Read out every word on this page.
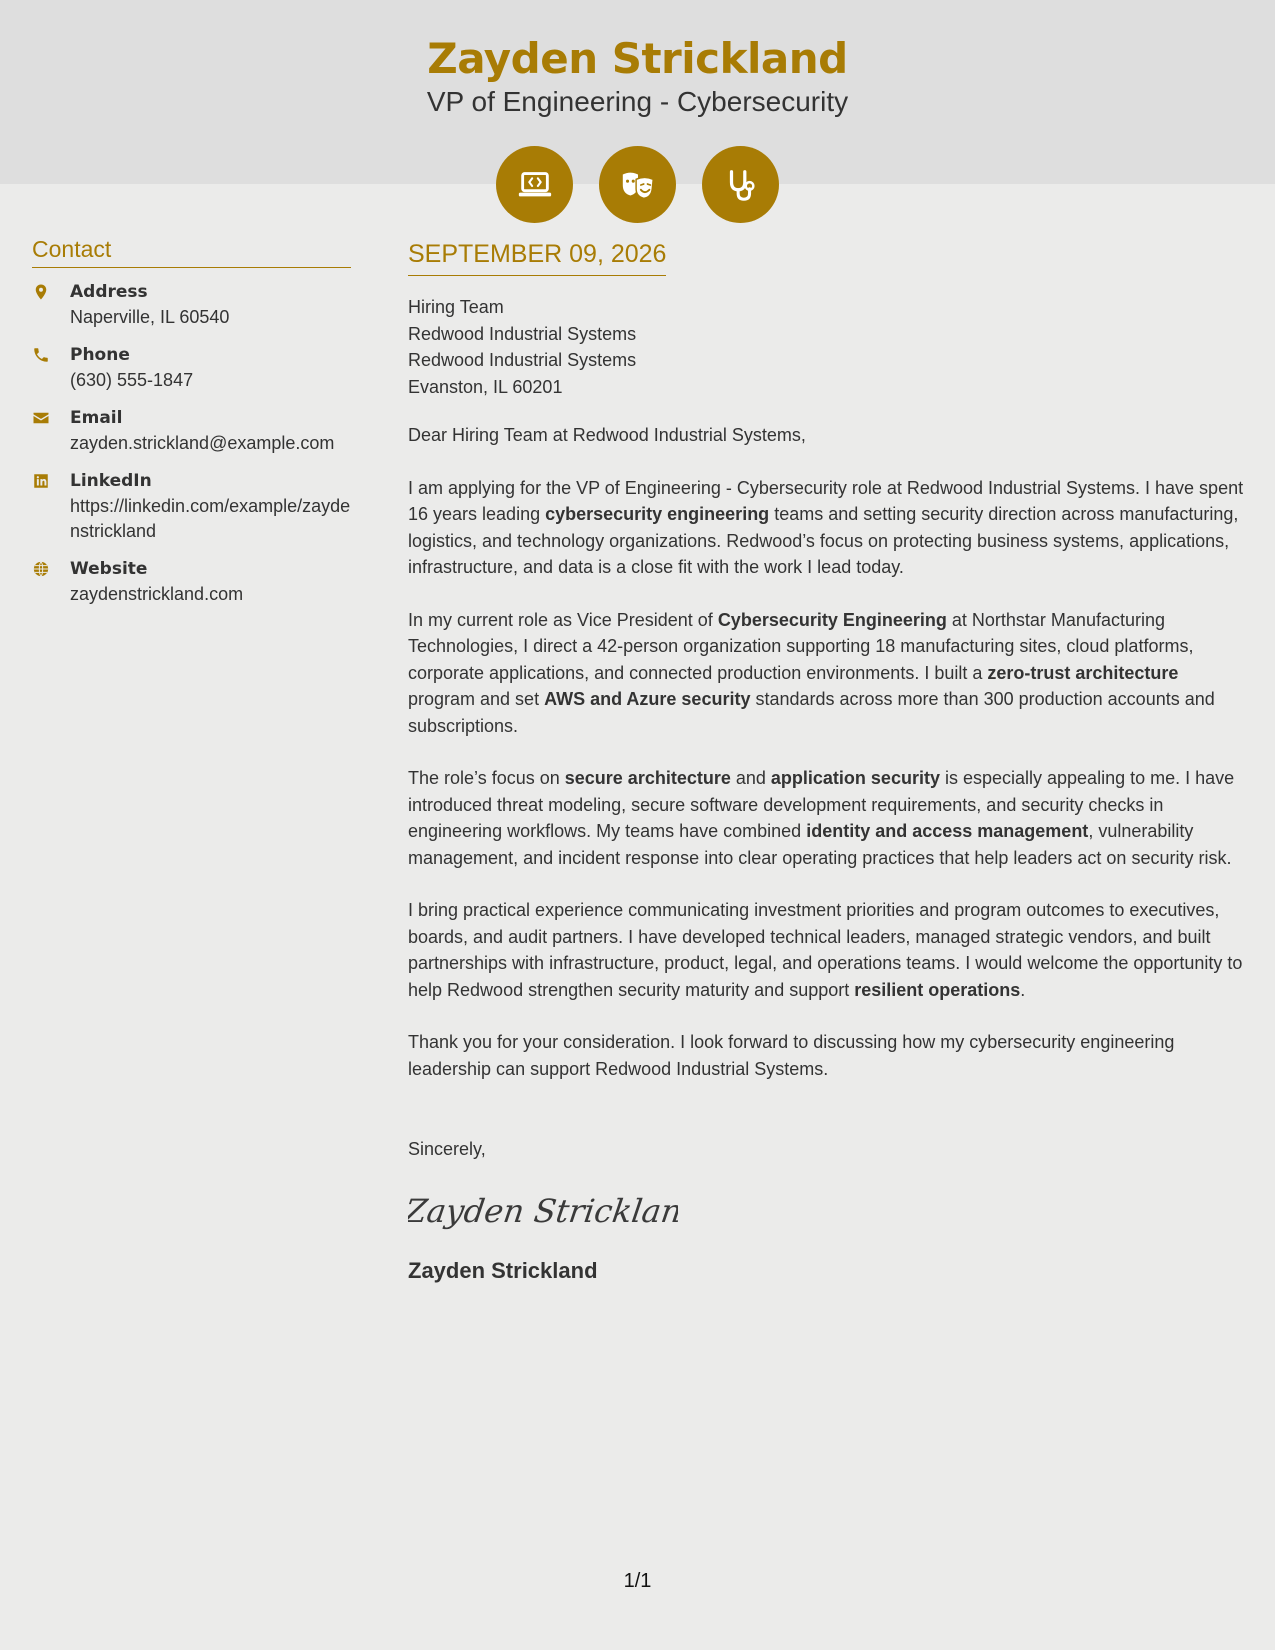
Zayden Strickland
VP of Engineering - Cybersecurity
Contact
Address
Naperville, IL 60540
Phone
(630) 555-1847
Email
zayden.strickland@example.com
LinkedIn
https://linkedin.com/example/zaydenstrickland
Website
zaydenstrickland.com
SEPTEMBER 09, 2026
Hiring Team
Redwood Industrial Systems
Redwood Industrial Systems
Evanston, IL 60201
Dear Hiring Team at Redwood Industrial Systems,
I am applying for the VP of Engineering - Cybersecurity role at Redwood Industrial Systems. I have spent 16 years leading cybersecurity engineering teams and setting security direction across manufacturing, logistics, and technology organizations. Redwood’s focus on protecting business systems, applications, infrastructure, and data is a close fit with the work I lead today.
In my current role as Vice President of Cybersecurity Engineering at Northstar Manufacturing Technologies, I direct a 42-person organization supporting 18 manufacturing sites, cloud platforms, corporate applications, and connected production environments. I built a zero-trust architecture program and set AWS and Azure security standards across more than 300 production accounts and subscriptions.
The role’s focus on secure architecture and application security is especially appealing to me. I have introduced threat modeling, secure software development requirements, and security checks in engineering workflows. My teams have combined identity and access management, vulnerability management, and incident response into clear operating practices that help leaders act on security risk.
I bring practical experience communicating investment priorities and program outcomes to executives, boards, and audit partners. I have developed technical leaders, managed strategic vendors, and built partnerships with infrastructure, product, legal, and operations teams. I would welcome the opportunity to help Redwood strengthen security maturity and support resilient operations.
Thank you for your consideration. I look forward to discussing how my cybersecurity engineering leadership can support Redwood Industrial Systems.
Sincerely,
Zayden Stricklan
Zayden Strickland
1/1
